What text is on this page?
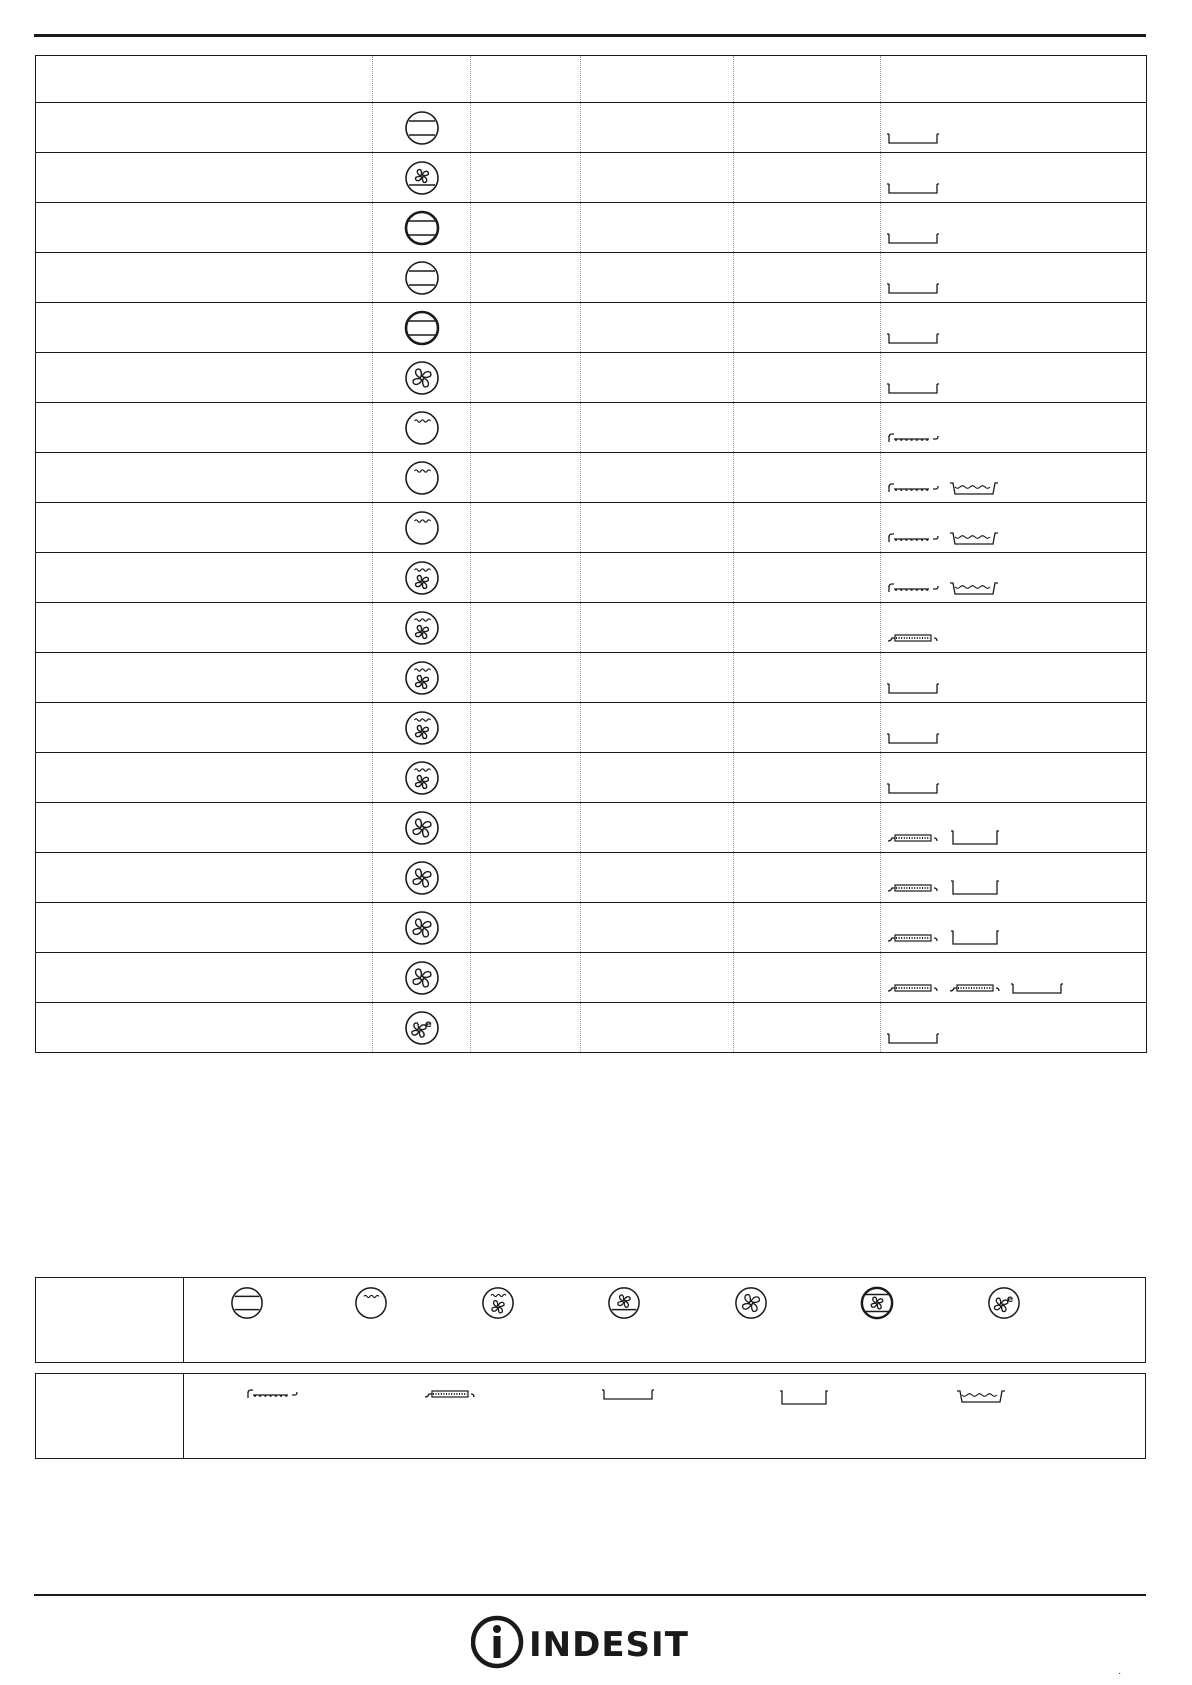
e

e
INDESIT
·
